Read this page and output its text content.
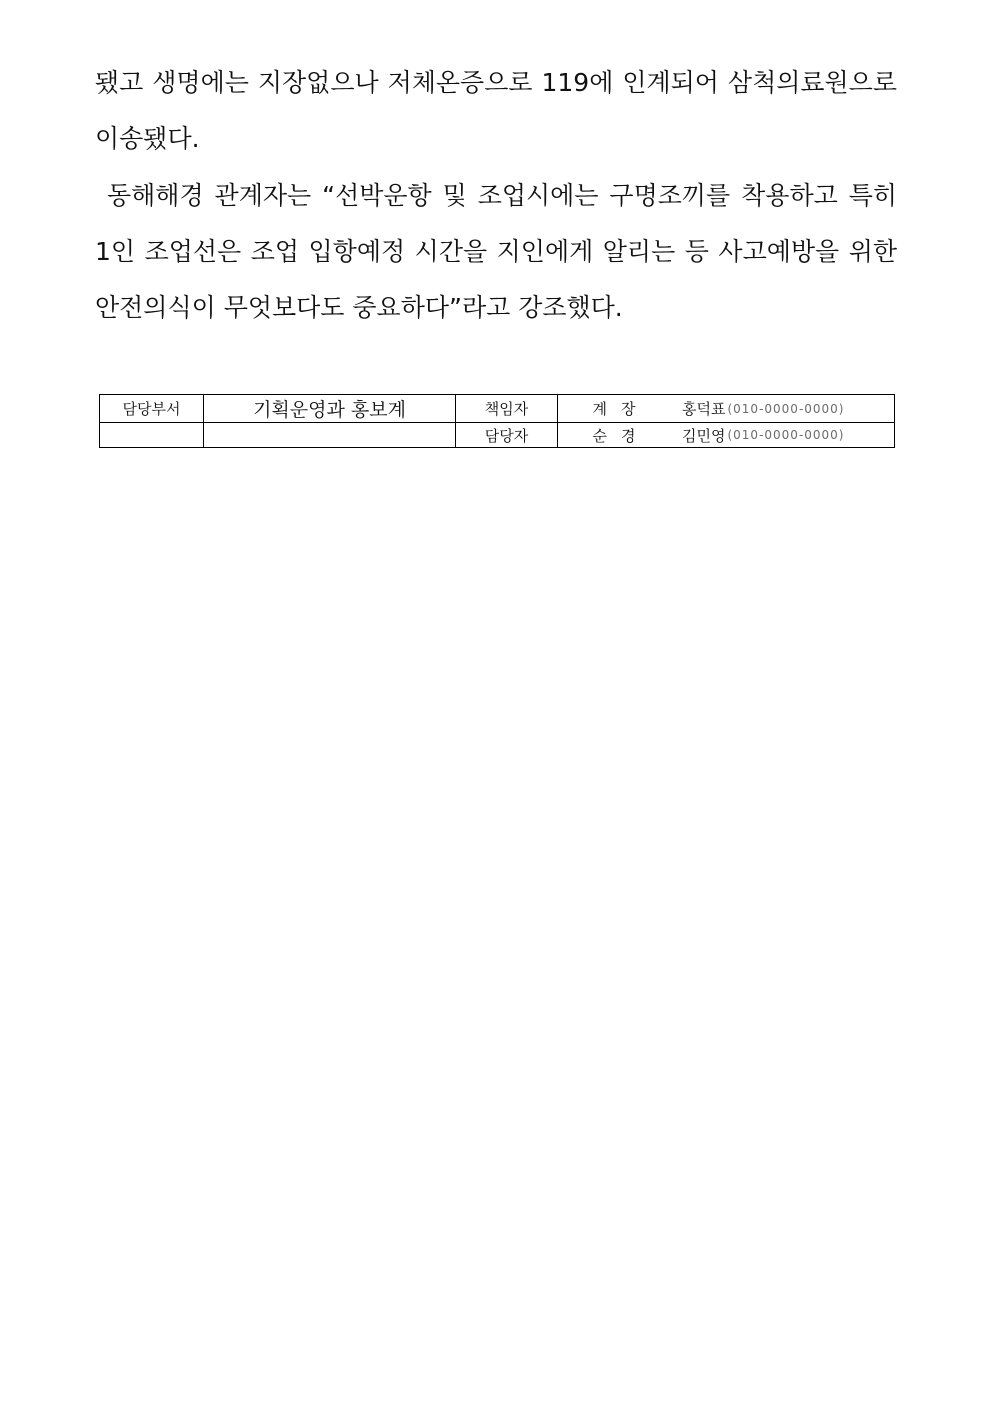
됐고 생명에는 지장없으나 저체온증으로 119에 인계되어 삼척의료원으로 이송됐다.

동해해경 관계자는 “선박운항 및 조업시에는 구명조끼를 착용하고 특히 1인 조업선은 조업 입항예정 시간을 지인에게 알리는 등 사고예방을 위한 안전의식이 무엇보다도 중요하다”라고 강조했다.

담당부서	기획운영과 홍보계	책임자	계장 홍덕표 (010-0000-0000)

		담당자	순경 김민영 (010-0000-0000)
